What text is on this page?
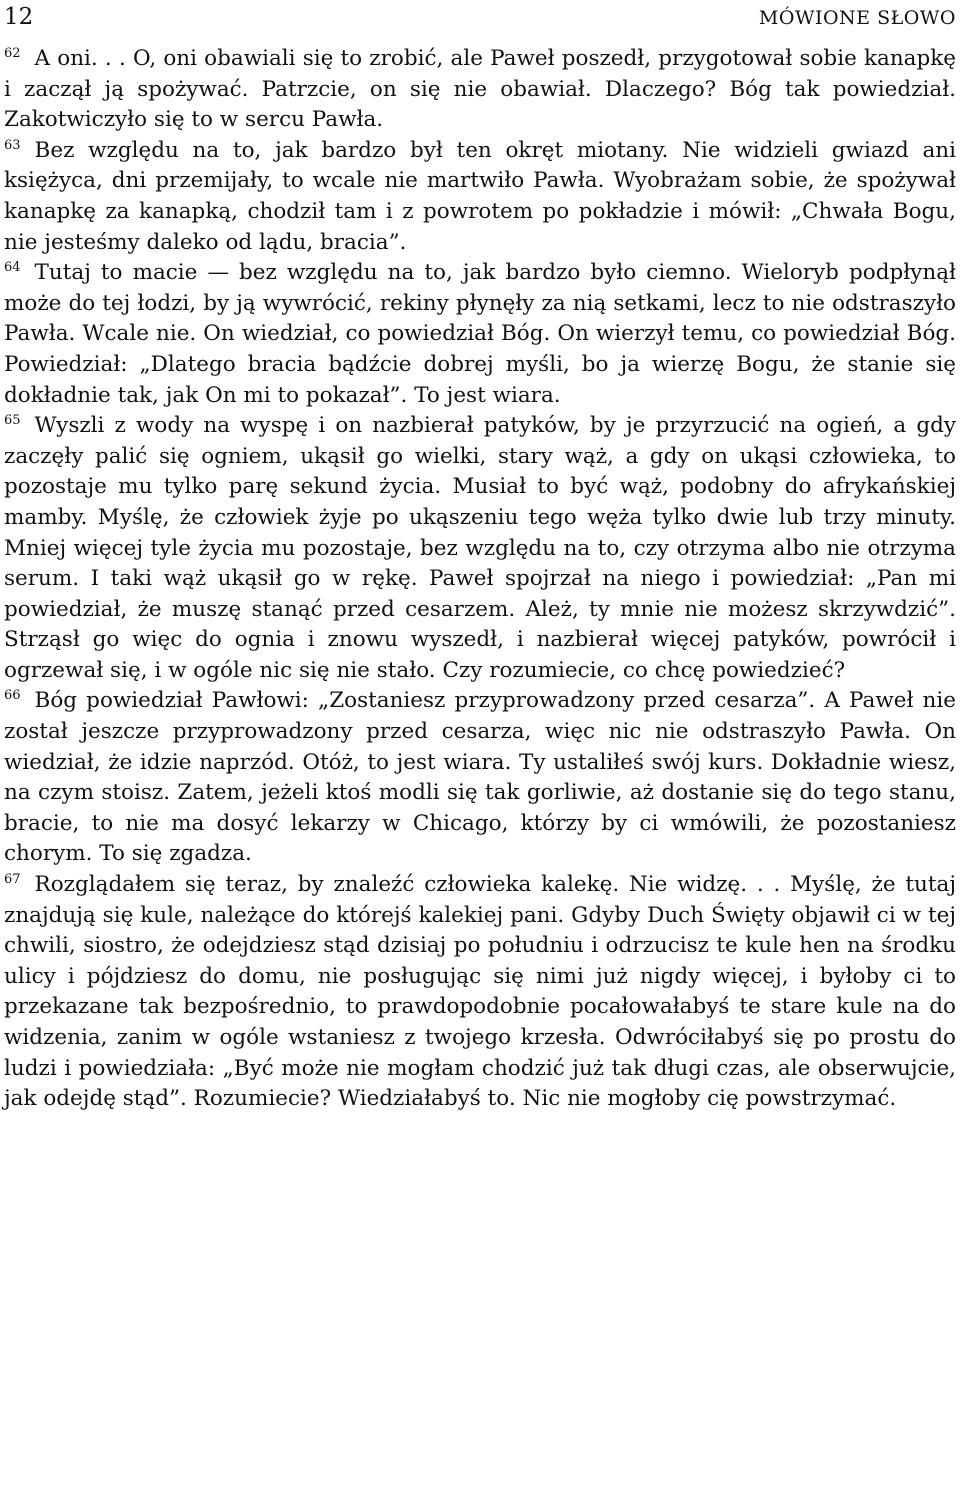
12	MÓWIONE SŁOWO

$^{62}$ A oni. . . O, oni obawiali się to zrobić, ale Paweł poszedł, przygotował sobie kanapkę i zaczął ją spożywać. Patrzcie, on się nie obawiał. Dlaczego? Bóg tak powiedział. Zakotwiczyło się to w sercu Pawła.

$^{63}$ Bez względu na to, jak bardzo był ten okręt miotany. Nie widzieli gwiazd ani księżyca, dni przemijały, to wcale nie martwiło Pawła. Wyobrażam sobie, że spożywał kanapkę za kanapką, chodził tam i z powrotem po pokładzie i mówił: „Chwała Bogu, nie jesteśmy daleko od lądu, bracia”.

$^{64}$ Tutaj to macie — bez względu na to, jak bardzo było ciemno. Wieloryb podpłynął może do tej łodzi, by ją wywrócić, rekiny płynęły za nią setkami, lecz to nie odstraszyło Pawła. Wcale nie. On wiedział, co powiedział Bóg. On wierzył temu, co powiedział Bóg. Powiedział: „Dlatego bracia bądźcie dobrej myśli, bo ja wierzę Bogu, że stanie się dokładnie tak, jak On mi to pokazał”. To jest wiara.

$^{65}$ Wyszli z wody na wyspę i on nazbierał patyków, by je przyrzucić na ogień, a gdy zaczęły palić się ogniem, ukąsił go wielki, stary wąż, a gdy on ukąsi człowieka, to pozostaje mu tylko parę sekund życia. Musiał to być wąż, podobny do afrykańskiej mamby. Myślę, że człowiek żyje po ukąszeniu tego węża tylko dwie lub trzy minuty. Mniej więcej tyle życia mu pozostaje, bez względu na to, czy otrzyma albo nie otrzyma serum. I taki wąż ukąsił go w rękę. Paweł spojrzał na niego i powiedział: „Pan mi powiedział, że muszę stanąć przed cesarzem. Ależ, ty mnie nie możesz skrzywdzić”. Strząsł go więc do ognia i znowu wyszedł, i nazbierał więcej patyków, powrócił i ogrzewał się, i w ogóle nic się nie stało. Czy rozumiecie, co chcę powiedzieć?

$^{66}$ Bóg powiedział Pawłowi: „Zostaniesz przyprowadzony przed cesarza”. A Paweł nie został jeszcze przyprowadzony przed cesarza, więc nic nie odstraszyło Pawła. On wiedział, że idzie naprzód. Otóż, to jest wiara. Ty ustaliłeś swój kurs. Dokładnie wiesz, na czym stoisz. Zatem, jeżeli ktoś modli się tak gorliwie, aż dostanie się do tego stanu, bracie, to nie ma dosyć lekarzy w Chicago, którzy by ci wmówili, że pozostaniesz chorym. To się zgadza.

$^{67}$ Rozglądałem się teraz, by znaleźć człowieka kalekę. Nie widzę. . . Myślę, że tutaj znajdują się kule, należące do którejś kalekiej pani. Gdyby Duch Święty objawił ci w tej chwili, siostro, że odejdziesz stąd dzisiaj po południu i odrzucisz te kule hen na środku ulicy i pójdziesz do domu, nie posługując się nimi już nigdy więcej, i byłoby ci to przekazane tak bezpośrednio, to prawdopodobnie pocałowałabyś te stare kule na do widzenia, zanim w ogóle wstaniesz z twojego krzesła. Odwróciłabyś się po prostu do ludzi i powiedziała: „Być może nie mogłam chodzić już tak długi czas, ale obserwujcie, jak odejdę stąd”. Rozumiecie? Wiedziałabyś to. Nic nie mogłoby cię powstrzymać.
